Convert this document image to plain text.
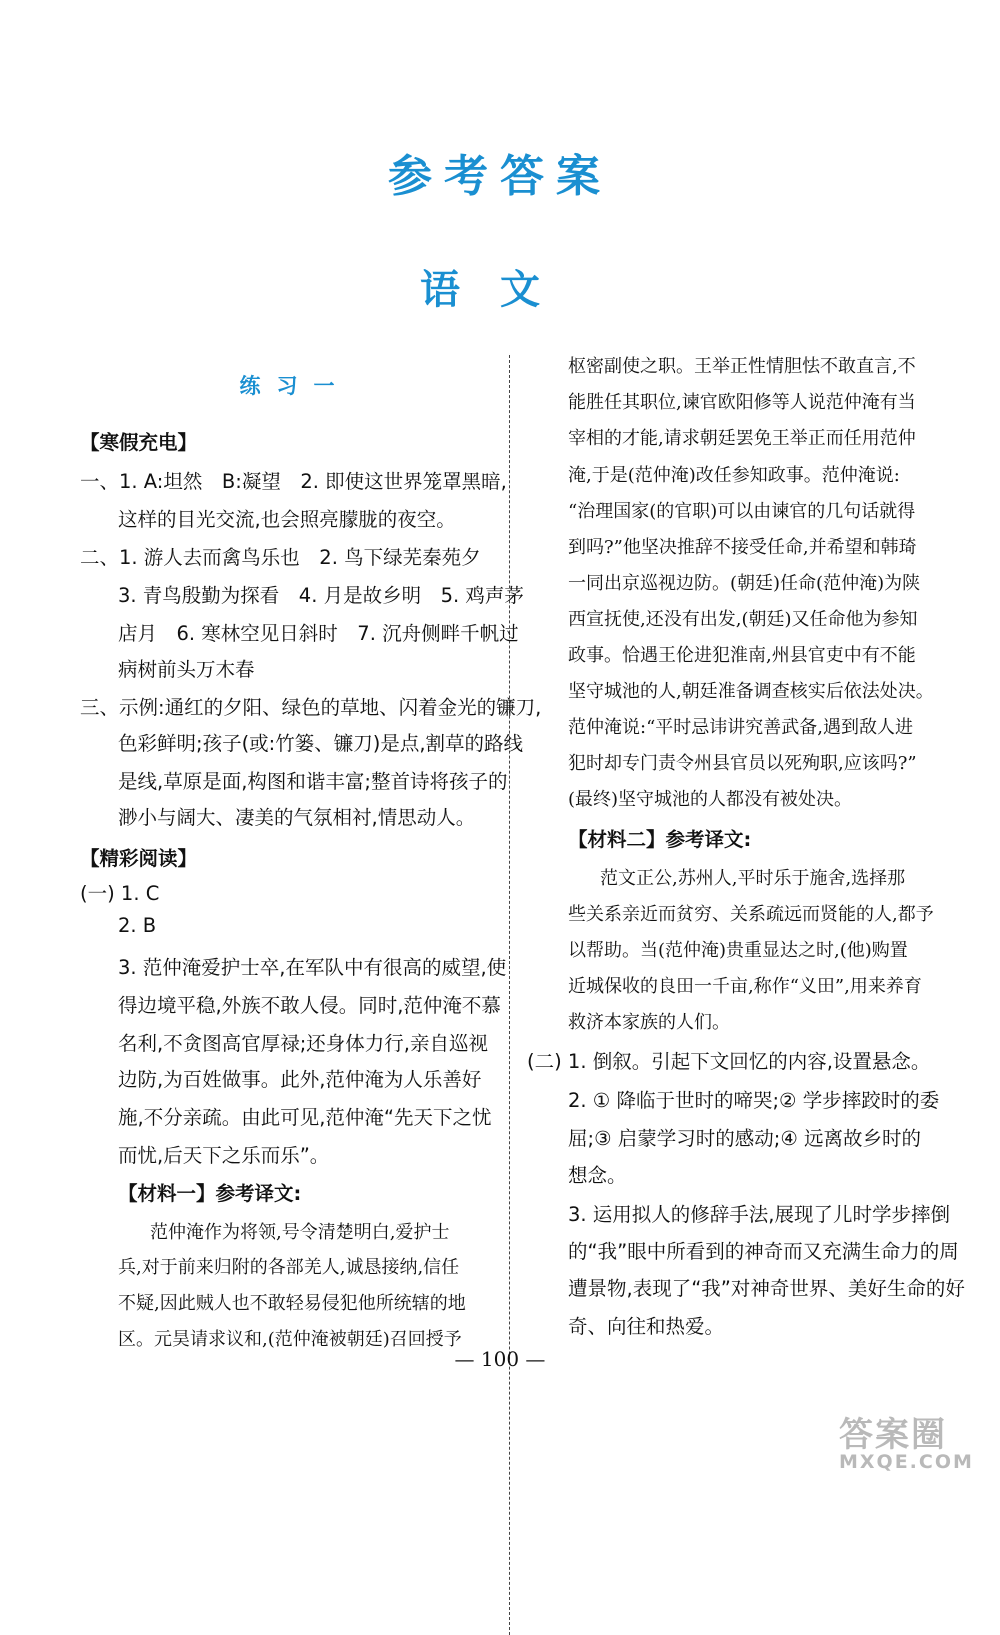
参考答案
语文
练习一
【寒假充电】
一、1. A:坦然　B:凝望　2. 即使这世界笼罩黑暗,
这样的目光交流,也会照亮朦胧的夜空。
二、1. 游人去而禽鸟乐也　2. 鸟下绿芜秦苑夕
3. 青鸟殷勤为探看　4. 月是故乡明　5. 鸡声茅
店月　6. 寒林空见日斜时　7. 沉舟侧畔千帆过
病树前头万木春
三、示例:通红的夕阳、绿色的草地、闪着金光的镰刀,
色彩鲜明;孩子(或:竹篓、镰刀)是点,割草的路线
是线,草原是面,构图和谐丰富;整首诗将孩子的
渺小与阔大、凄美的气氛相衬,情思动人。
【精彩阅读】
(一) 1. C
2. B
3. 范仲淹爱护士卒,在军队中有很高的威望,使
得边境平稳,外族不敢人侵。同时,范仲淹不慕
名利,不贪图高官厚禄;还身体力行,亲自巡视
边防,为百姓做事。此外,范仲淹为人乐善好
施,不分亲疏。由此可见,范仲淹“先天下之忧
而忧,后天下之乐而乐”。
【材料一】参考译文:
范仲淹作为将领,号令清楚明白,爱护士
兵,对于前来归附的各部羌人,诚恳接纳,信任
不疑,因此贼人也不敢轻易侵犯他所统辖的地
区。元昊请求议和,(范仲淹被朝廷)召回授予
枢密副使之职。王举正性情胆怯不敢直言,不
能胜任其职位,谏官欧阳修等人说范仲淹有当
宰相的才能,请求朝廷罢免王举正而任用范仲
淹,于是(范仲淹)改任参知政事。范仲淹说:
“治理国家(的官职)可以由谏官的几句话就得
到吗?”他坚决推辞不接受任命,并希望和韩琦
一同出京巡视边防。(朝廷)任命(范仲淹)为陕
西宣抚使,还没有出发,(朝廷)又任命他为参知
政事。恰遇王伦进犯淮南,州县官吏中有不能
坚守城池的人,朝廷准备调查核实后依法处决。
范仲淹说:“平时忌讳讲究善武备,遇到敌人进
犯时却专门责令州县官员以死殉职,应该吗?”
(最终)坚守城池的人都没有被处决。
【材料二】参考译文:
范文正公,苏州人,平时乐于施舍,选择那
些关系亲近而贫穷、关系疏远而贤能的人,都予
以帮助。当(范仲淹)贵重显达之时,(他)购置
近城保收的良田一千亩,称作“义田”,用来养育
救济本家族的人们。
(二) 1. 倒叙。引起下文回忆的内容,设置悬念。
2. ① 降临于世时的啼哭;② 学步摔跤时的委
屈;③ 启蒙学习时的感动;④ 远离故乡时的
想念。
3. 运用拟人的修辞手法,展现了儿时学步摔倒
的“我”眼中所看到的神奇而又充满生命力的周
遭景物,表现了“我”对神奇世界、美好生命的好
奇、向往和热爱。
— 100 —
答案圈
MXQE.COM
